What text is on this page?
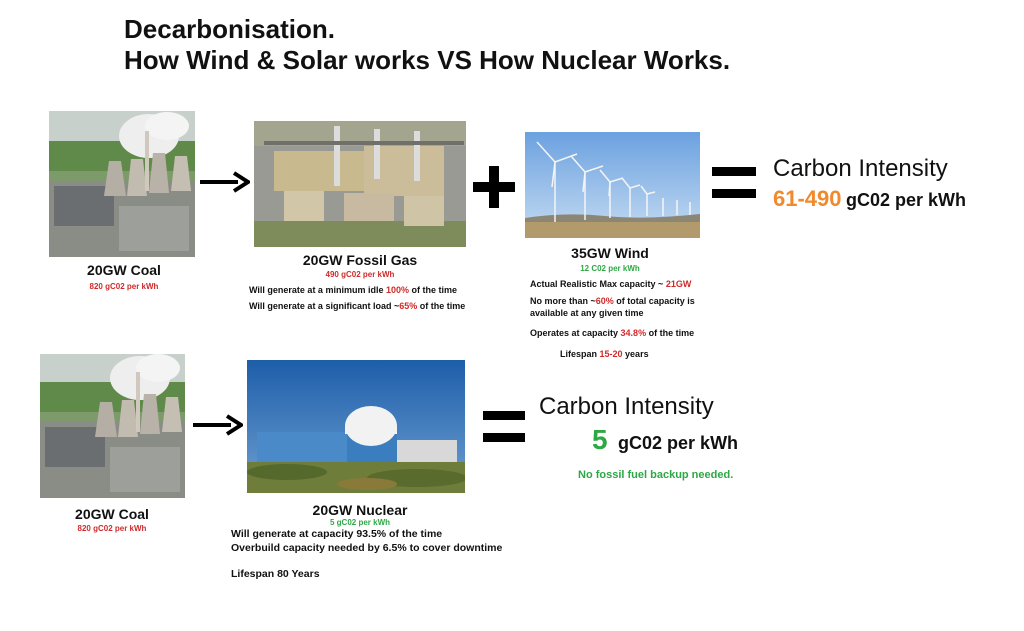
Decarbonisation.
How Wind & Solar works VS How Nuclear Works.
20GW Coal
820 gC02 per kWh
20GW Fossil Gas
490 gC02 per kWh
Will generate at a minimum idle 100% of the time
Will generate at a significant load ~65% of the time
35GW Wind
12 C02 per kWh
Actual Realistic Max capacity ~ 21GW
No more than ~60% of total capacity is
available at any given time
Operates at capacity 34.8% of the time
Lifespan 15-20 years
Carbon Intensity
61-490 gC02 per kWh
20GW Coal
820 gC02 per kWh
20GW Nuclear
5 gC02 per kWh
Will generate at capacity 93.5% of the time
Overbuild capacity needed by 6.5% to cover downtime
Lifespan 80 Years
Carbon Intensity
5 gC02 per kWh
No fossil fuel backup needed.
